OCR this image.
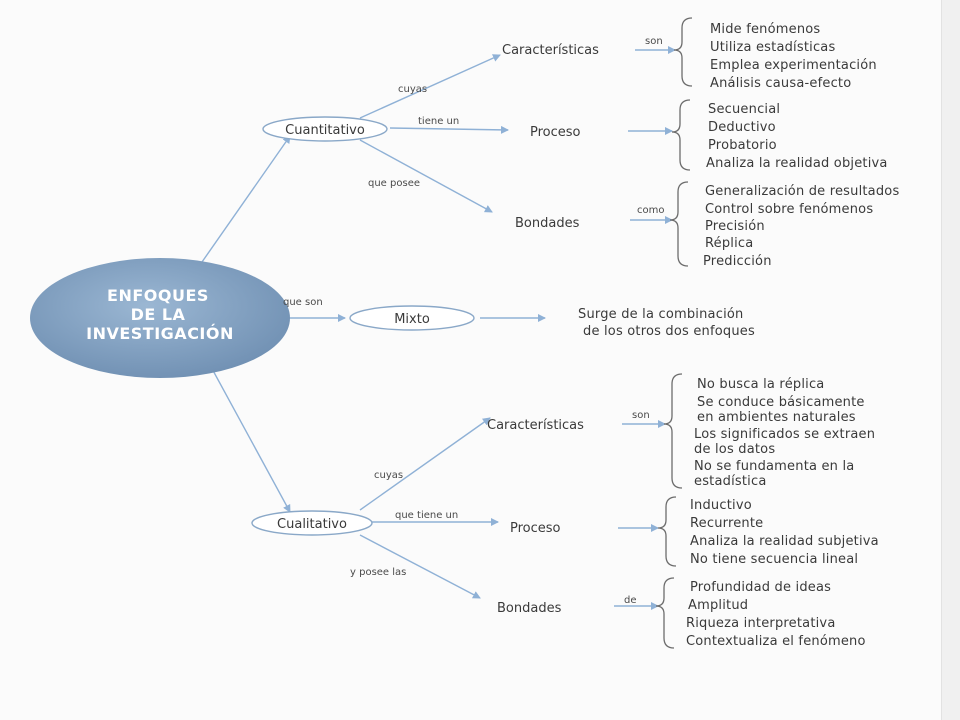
ENFOQUES
DE LA
INVESTIGACIÓN
Cuantitativo
cuyas
tiene un
que posee
Características
son
Mide fenómenos
Utiliza estadísticas
Emplea experimentación
Análisis causa-efecto
Proceso
Secuencial
Deductivo
Probatorio
Analiza la realidad objetiva
Bondades
como
Generalización de resultados
Control sobre fenómenos
Precisión
Réplica
Predicción
que son
Mixto	Surge de la combinación
de los otros dos enfoques
Cualitativo
cuyas
que tiene un
y posee las
Características
son
No busca la réplica
Se conduce básicamente
en ambientes naturales
Los significados se extraen
de los datos
No se fundamenta en la
estadística
Proceso
Inductivo
Recurrente
Analiza la realidad subjetiva
No tiene secuencia lineal
Bondades
de
Profundidad de ideas
Amplitud
Riqueza interpretativa
Contextualiza el fenómeno
